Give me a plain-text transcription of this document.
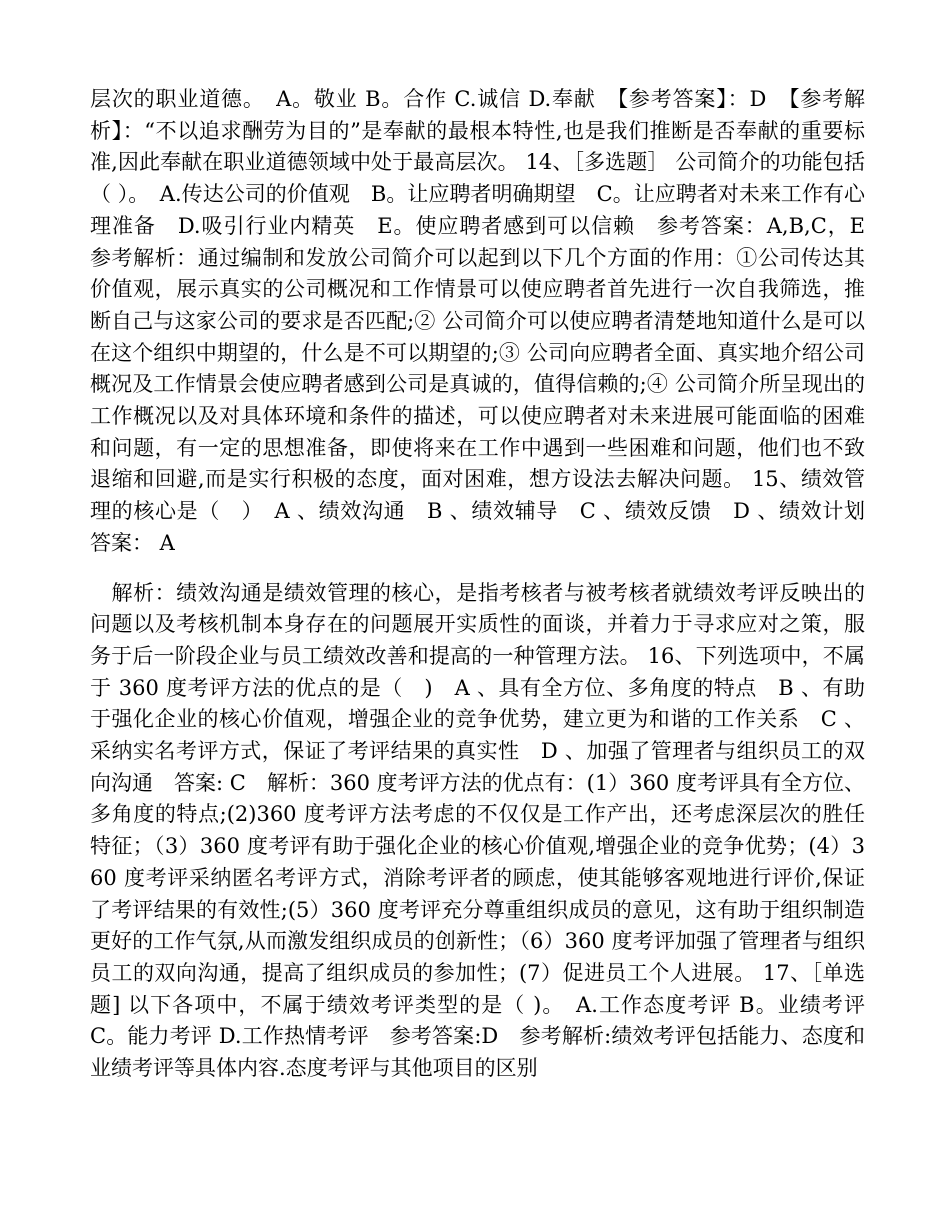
层次的职业道德。　A。敬业 B。合作 C.诚信 D.奉献　【参考答案】：D　【参考解析】：“不以追求酬劳为目的”是奉献的最根本特性,也是我们推断是否奉献的重要标准,因此奉献在职业道德领域中处于最高层次。 14、［多选题］ 公司简介的功能包括（ ）。　A.传达公司的价值观　B。让应聘者明确期望　C。让应聘者对未来工作有心理准备　D.吸引行业内精英　E。使应聘者感到可以信赖　参考答案：A,B,C，E　参考解析：通过编制和发放公司简介可以起到以下几个方面的作用：①公司传达其价值观，展示真实的公司概况和工作情景可以使应聘者首先进行一次自我筛选，推断自己与这家公司的要求是否匹配;② 公司简介可以使应聘者清楚地知道什么是可以在这个组织中期望的，什么是不可以期望的;③ 公司向应聘者全面、真实地介绍公司概况及工作情景会使应聘者感到公司是真诚的，值得信赖的;④ 公司简介所呈现出的工作概况以及对具体环境和条件的描述，可以使应聘者对未来进展可能面临的困难和问题，有一定的思想准备，即使将来在工作中遇到一些困难和问题，他们也不致退缩和回避,而是实行积极的态度，面对困难，想方设法去解决问题。 15、绩效管理的核心是（　）　A 、绩效沟通　B 、绩效辅导　C 、绩效反馈　D 、绩效计划　答案： A

　解析：绩效沟通是绩效管理的核心，是指考核者与被考核者就绩效考评反映出的问题以及考核机制本身存在的问题展开实质性的面谈，并着力于寻求应对之策，服务于后一阶段企业与员工绩效改善和提高的一种管理方法。 16、下列选项中，不属于 360 度考评方法的优点的是（　)　A 、具有全方位、多角度的特点　B 、有助于强化企业的核心价值观，增强企业的竞争优势，建立更为和谐的工作关系　C 、采纳实名考评方式，保证了考评结果的真实性　D 、加强了管理者与组织员工的双向沟通　答案: C　解析：360 度考评方法的优点有：(1）360 度考评具有全方位、多角度的特点;(2)360 度考评方法考虑的不仅仅是工作产出，还考虑深层次的胜任特征；（3）360 度考评有助于强化企业的核心价值观,增强企业的竞争优势；(4）360 度考评采纳匿名考评方式，消除考评者的顾虑，使其能够客观地进行评价,保证了考评结果的有效性;(5）360 度考评充分尊重组织成员的意见，这有助于组织制造更好的工作气氛,从而激发组织成员的创新性；（6）360 度考评加强了管理者与组织员工的双向沟通，提高了组织成员的参加性；(7）促进员工个人进展。 17、［单选题] 以下各项中，不属于绩效考评类型的是（ )。　A.工作态度考评 B。业绩考评 C。能力考评 D.工作热情考评　参考答案:D　参考解析:绩效考评包括能力、态度和业绩考评等具体内容.态度考评与其他项目的区别
